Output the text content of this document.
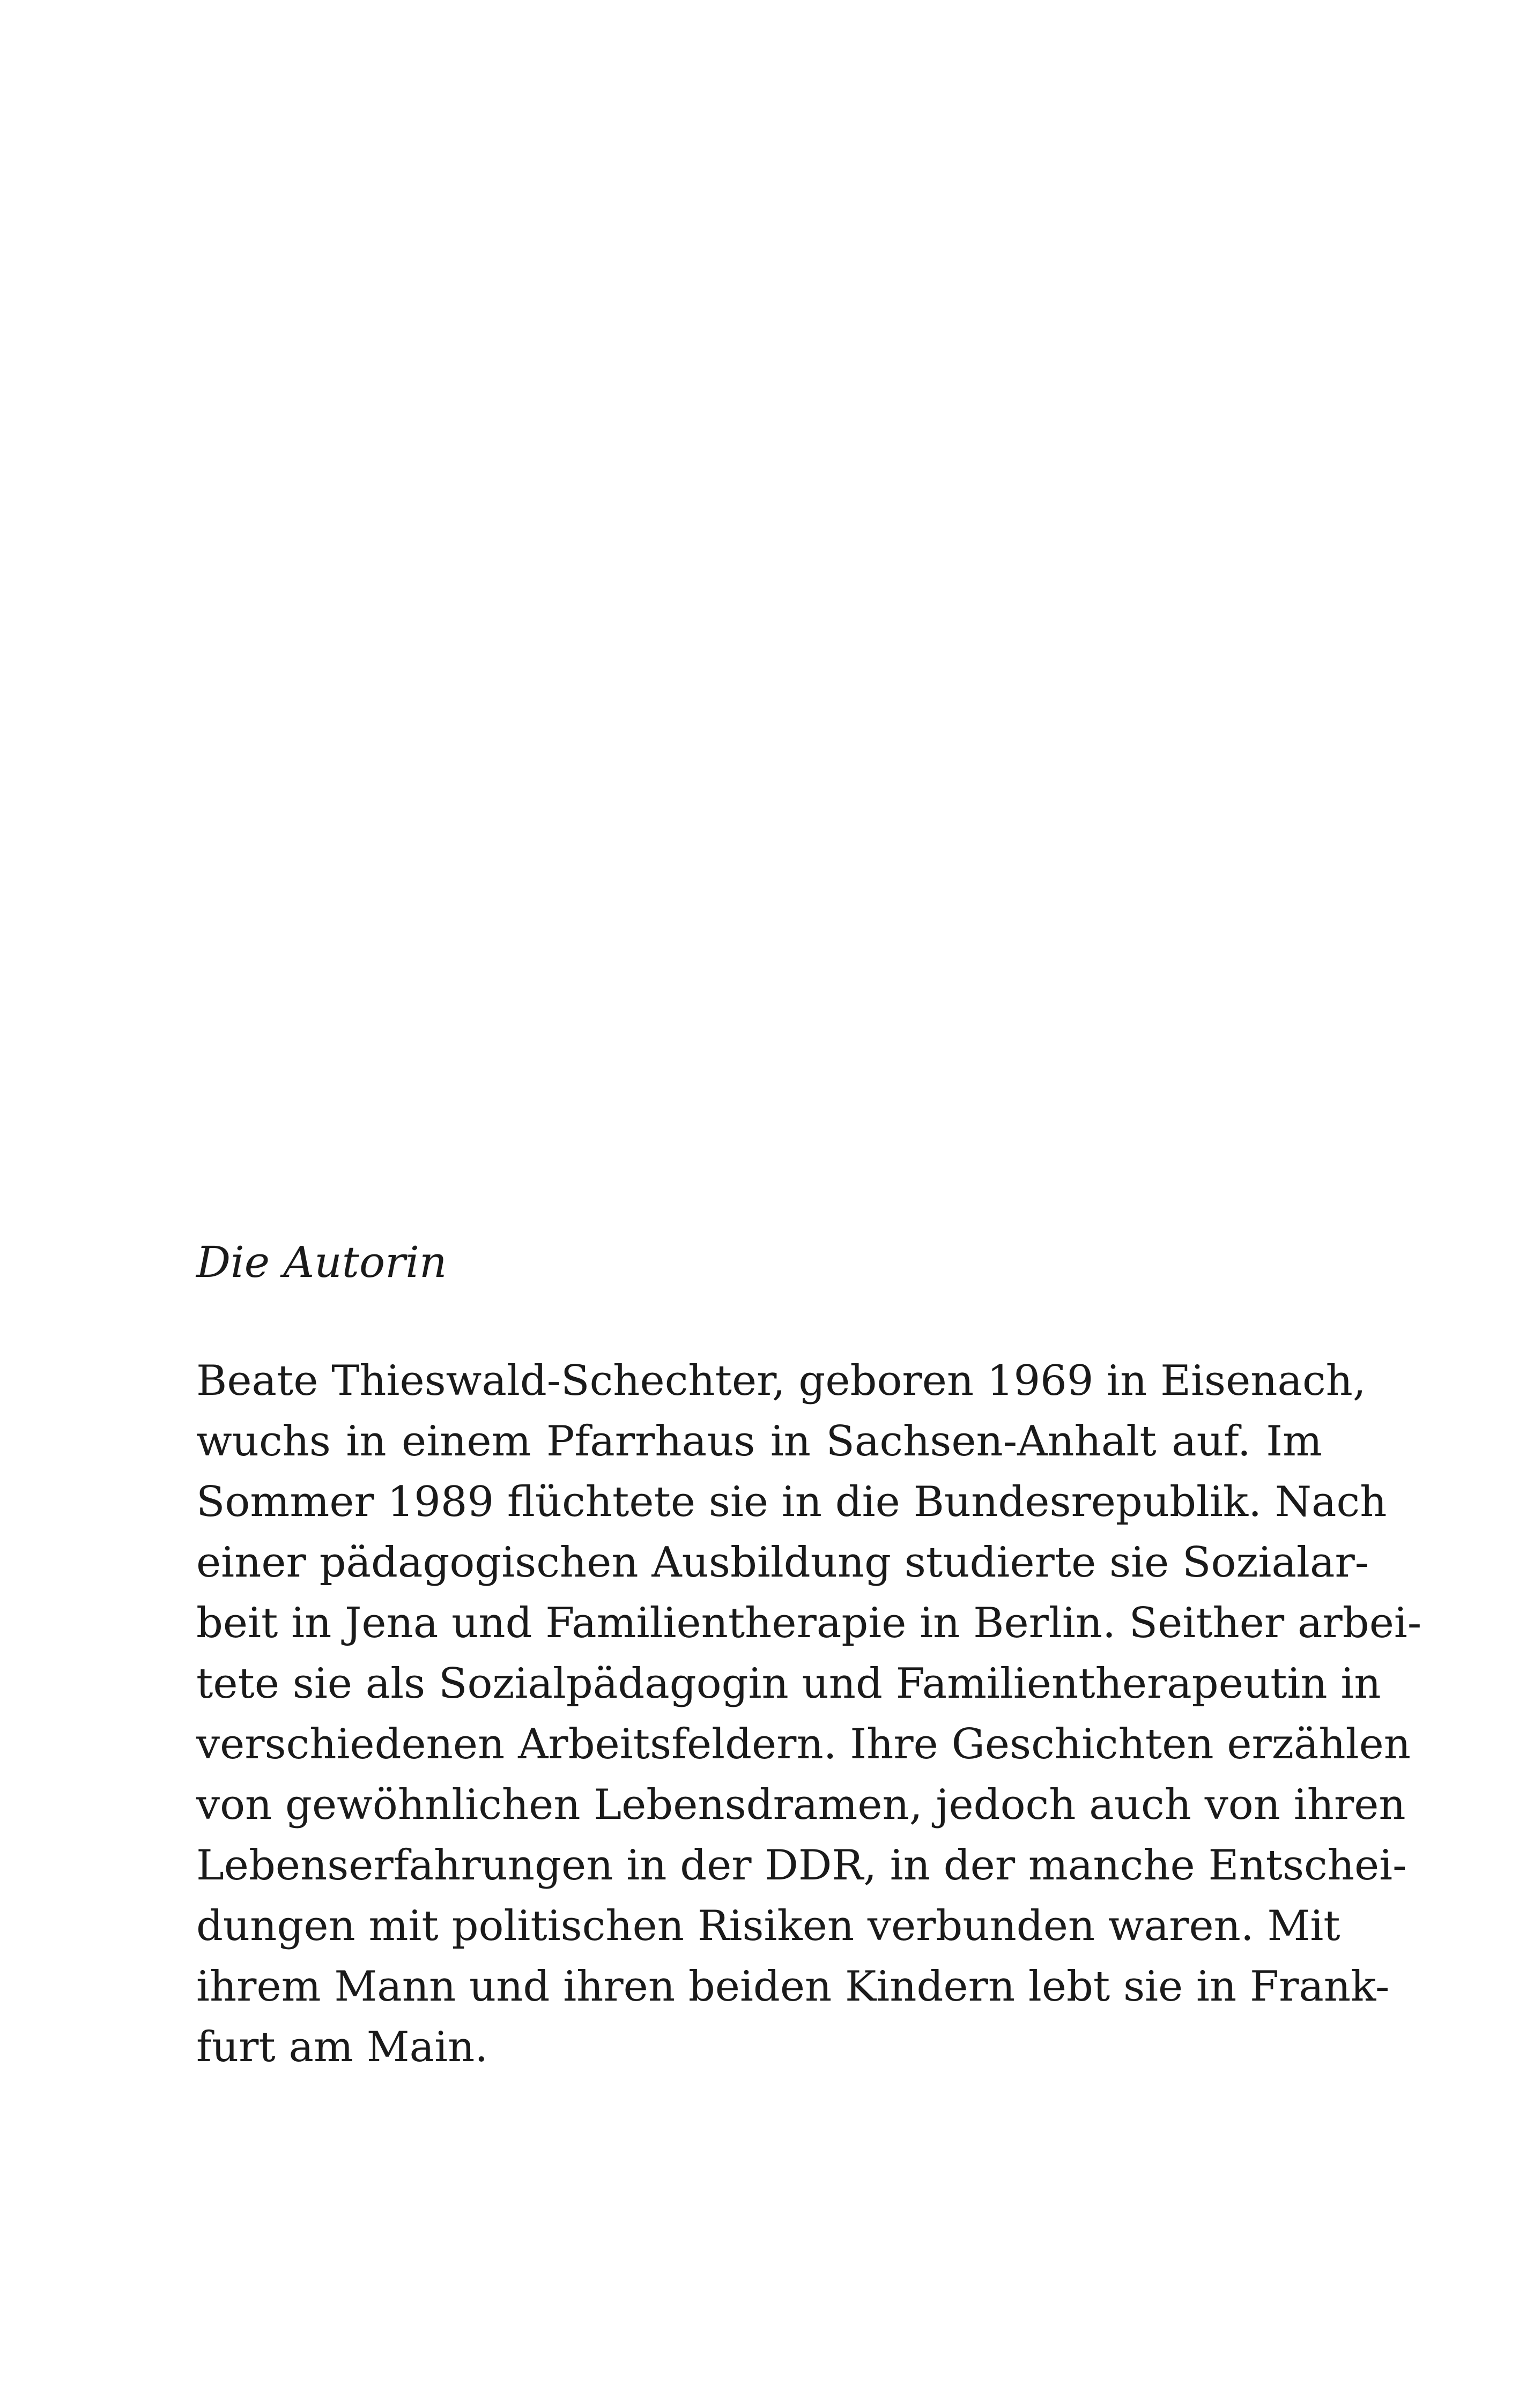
Die Autorin
Beate Thieswald-Schechter, geboren 1969 in Eisenach,
wuchs in einem Pfarrhaus in Sachsen-Anhalt auf. Im
Sommer 1989 flüchtete sie in die Bundesrepublik. Nach
einer pädagogischen Ausbildung studierte sie Sozialar-
beit in Jena und Familientherapie in Berlin. Seither arbei-
tete sie als Sozialpädagogin und Familientherapeutin in
verschiedenen Arbeitsfeldern. Ihre Geschichten erzählen
von gewöhnlichen Lebensdramen, jedoch auch von ihren
Lebenserfahrungen in der DDR, in der manche Entschei-
dungen mit politischen Risiken verbunden waren. Mit
ihrem Mann und ihren beiden Kindern lebt sie in Frank-
furt am Main.
